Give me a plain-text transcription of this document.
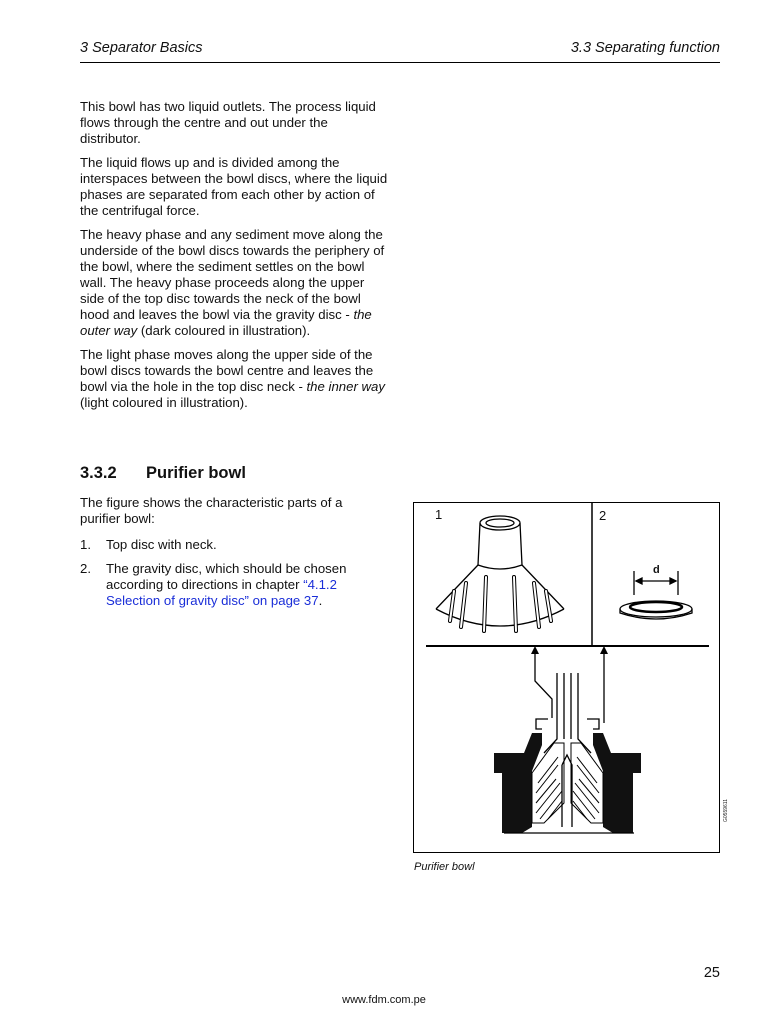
3 Separator Basics	3.3 Separating function

This bowl has two liquid outlets. The process liquid flows through the centre and out under the distributor.

The liquid flows up and is divided among the interspaces between the bowl discs, where the liquid phases are separated from each other by action of the centrifugal force.

The heavy phase and any sediment move along the underside of the bowl discs towards the periphery of the bowl, where the sediment settles on the bowl wall. The heavy phase proceeds along the upper side of the top disc towards the neck of the bowl hood and leaves the bowl via the gravity disc - the outer way (dark coloured in illustration).

The light phase moves along the upper side of the bowl discs towards the bowl centre and leaves the bowl via the hole in the top disc neck - the inner way (light coloured in illustration).

3.3.2 Purifier bowl
The figure shows the characteristic parts of a purifier bowl:
1. Top disc with neck.
2. The gravity disc, which should be chosen according to directions in chapter “4.1.2 Selection of gravity disc” on page 37.
1	2
d
G0559611
Purifier bowl
25
www.fdm.com.pe
